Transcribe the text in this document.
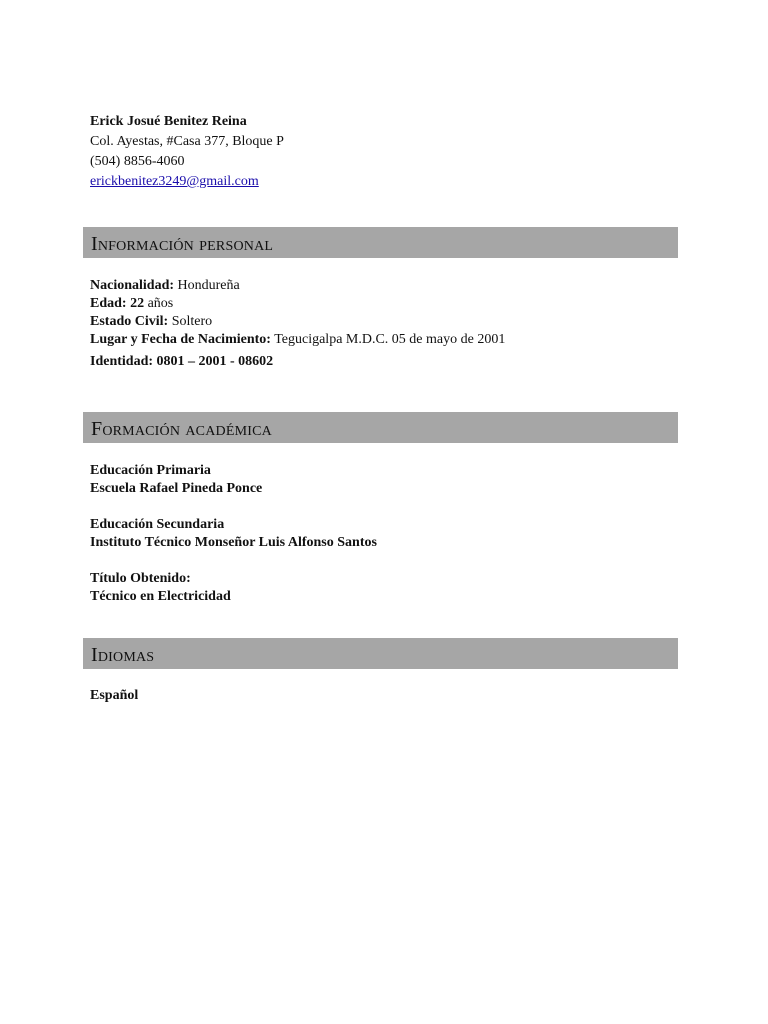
Erick Josué Benitez Reina
Col. Ayestas, #Casa 377, Bloque P
(504) 8856-4060
erickbenitez3249@gmail.com
Información personal
Nacionalidad: Hondureña
Edad: 22 años
Estado Civil: Soltero
Lugar y Fecha de Nacimiento: Tegucigalpa M.D.C. 05 de mayo de 2001
Identidad: 0801 – 2001 - 08602
Formación académica
Educación Primaria
Escuela Rafael Pineda Ponce
Educación Secundaria
Instituto Técnico Monseñor Luis Alfonso Santos
Título Obtenido:
Técnico en Electricidad
Idiomas
Español
